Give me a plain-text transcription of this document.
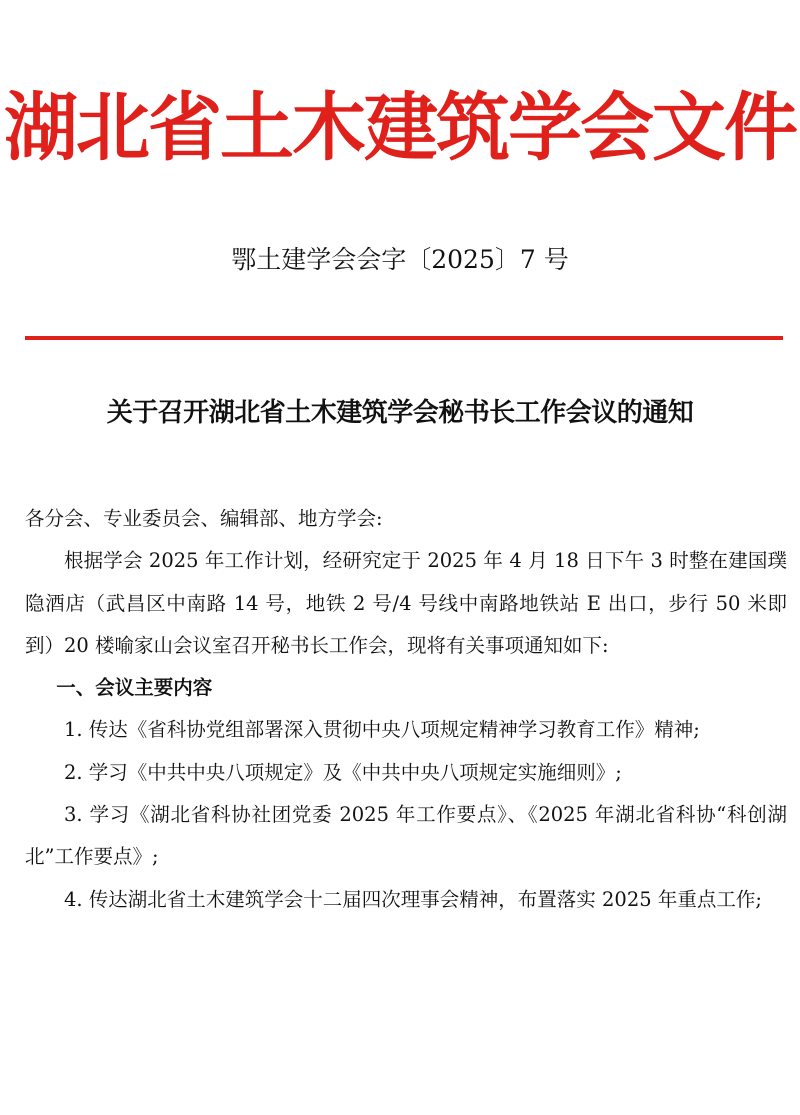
湖北省土木建筑学会文件
鄂土建学会会字〔2025〕7 号
关于召开湖北省土木建筑学会秘书长工作会议的通知

各分会、专业委员会、编辑部、地方学会:

根据学会 2025 年工作计划，经研究定于 2025 年 4 月 18 日下午 3 时整在建国璞隐酒店（武昌区中南路 14 号，地铁 2 号/4 号线中南路地铁站 E 出口，步行 50 米即到）20 楼喻家山会议室召开秘书长工作会，现将有关事项通知如下:

一、会议主要内容

1. 传达《省科协党组部署深入贯彻中央八项规定精神学习教育工作》精神;

2. 学习《中共中央八项规定》及《中共中央八项规定实施细则》;

3. 学习《湖北省科协社团党委 2025 年工作要点》、《2025 年湖北省科协“科创湖北”工作要点》;

4. 传达湖北省土木建筑学会十二届四次理事会精神，布置落实 2025 年重点工作;
